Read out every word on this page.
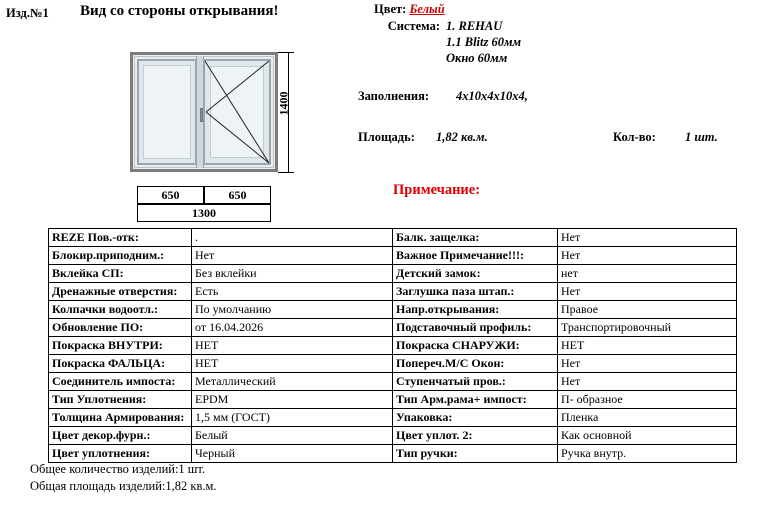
Изд.№1 Вид со стороны открывания!	Цвет: Белый
Система: 1. REHAU
1.1 Blitz 60мм
Окно 60мм
Заполнения: 4х10х4х10х4,
Площадь: 1,82 кв.м.	Кол-во: 1 шт.
Примечание:
1400
650	650
1300
REZE Пов.-отк:	.	Балк. защелка:	Нет
Блокир.приподним.:	Нет	Важное Примечание!!!:	Нет
Вклейка СП:	Без вклейки	Детский замок:	нет
Дренажные отверстия:	Есть	Заглушка паза штап.:	Нет
Колпачки водоотл.:	По умолчанию	Напр.открывания:	Правое
Обновление ПО:	от 16.04.2026	Подставочный профиль:	Транспортировочный
Покраска ВНУТРИ:	НЕТ	Покраска СНАРУЖИ:	НЕТ
Покраска ФАЛЬЦА:	НЕТ	Попереч.М/С Окон:	Нет
Соединитель импоста:	Металлический	Ступенчатый пров.:	Нет
Тип Уплотнения:	EPDM	Тип Арм.рама+ импост:	П- образное
Толщина Армирования:	1,5 мм (ГОСТ)	Упаковка:	Пленка
Цвет декор.фурн.:	Белый	Цвет уплот. 2:	Как основной
Цвет уплотнения:	Черный	Тип ручки:	Ручка внутр.
Общее количество изделий:1 шт.
Общая площадь изделий:1,82 кв.м.
